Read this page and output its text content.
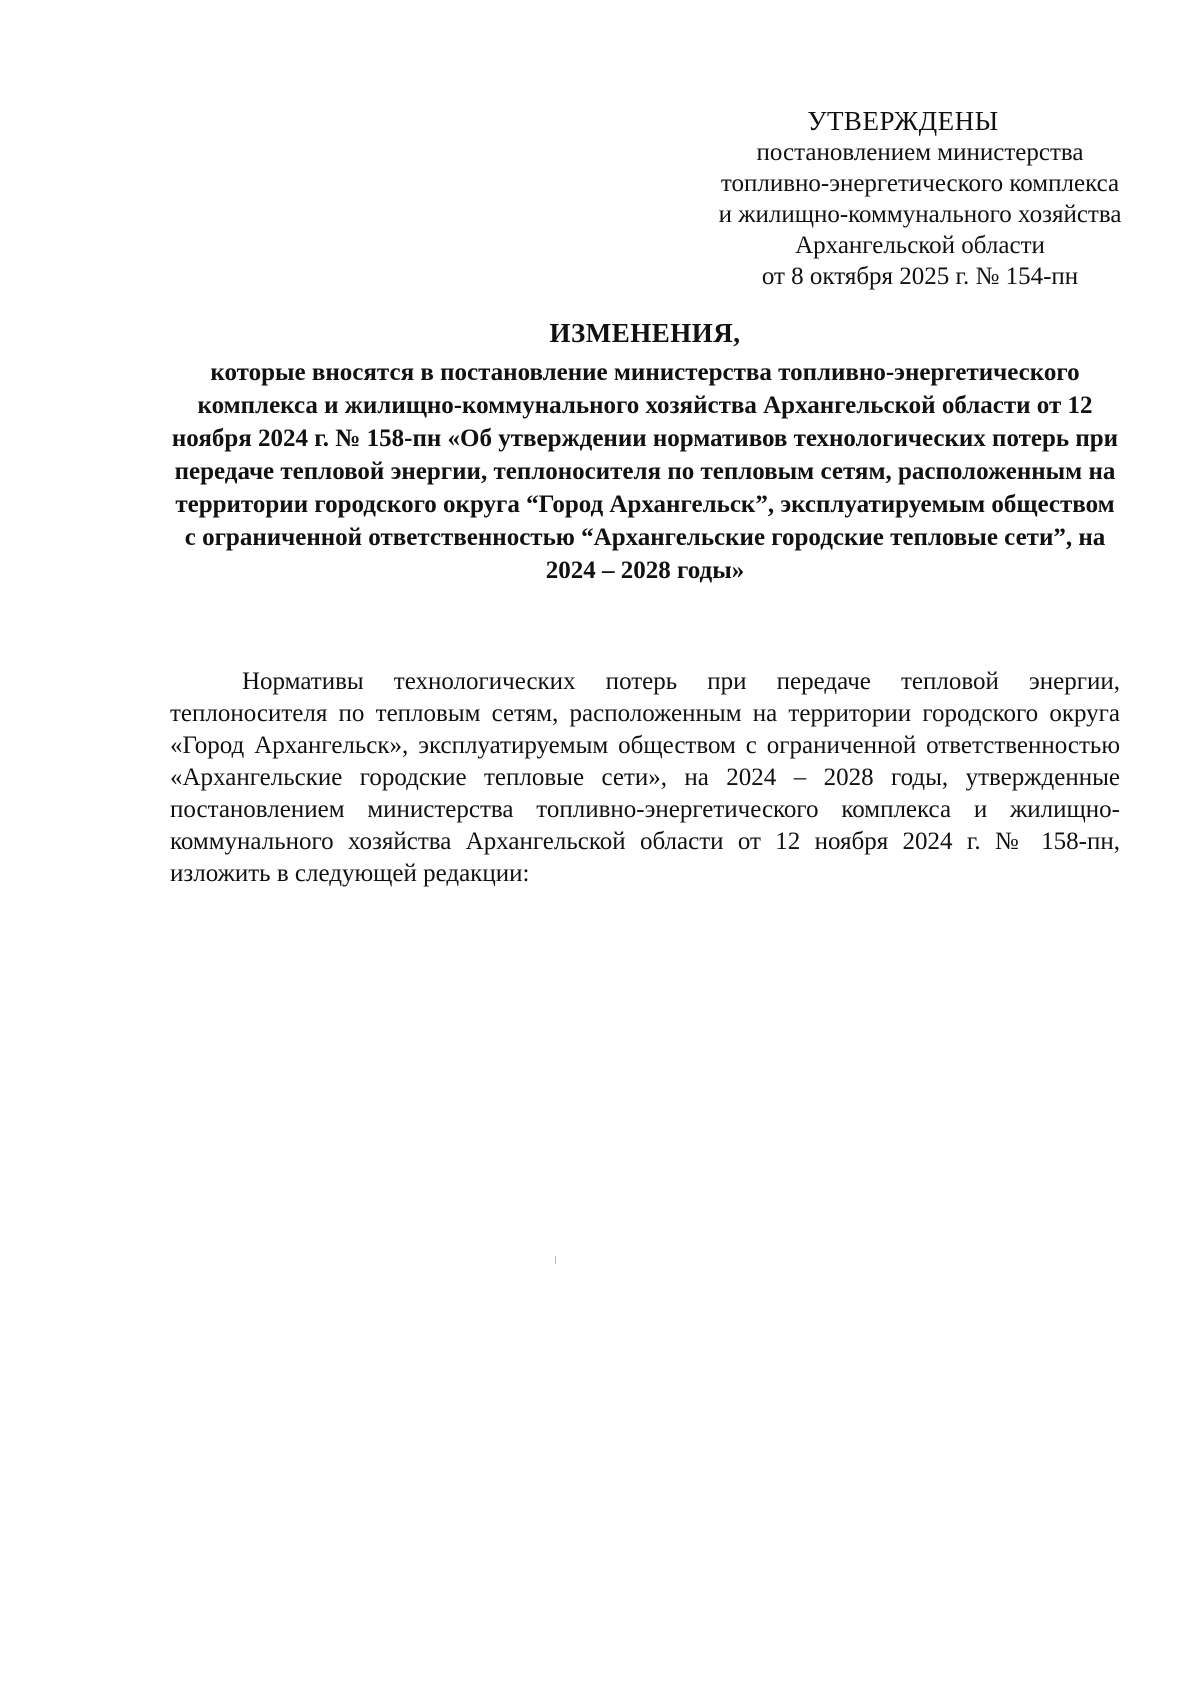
УТВЕРЖДЕНЫ
постановлением министерства
топливно-энергетического комплекса
и жилищно-коммунального хозяйства
Архангельской области
от 8 октября 2025 г. № 154-пн
ИЗМЕНЕНИЯ,
которые вносятся в постановление министерства топливно-энергетического комплекса и жилищно-коммунального хозяйства Архангельской области от 12 ноября 2024 г. № 158-пн «Об утверждении нормативов технологических потерь при передаче тепловой энергии, теплоносителя по тепловым сетям, расположенным на территории городского округа “Город Архангельск”, эксплуатируемым обществом с ограниченной ответственностью “Архангельские городские тепловые сети”, на 2024 – 2028 годы»
Нормативы технологических потерь при передаче тепловой энергии, теплоносителя по тепловым сетям, расположенным на территории городского округа «Город Архангельск», эксплуатируемым обществом с ограниченной ответственностью «Архангельские городские тепловые сети», на 2024 – 2028 годы, утвержденные постановлением министерства топливно-энергетического комплекса и жилищно-коммунального хозяйства Архангельской области от 12 ноября 2024 г. № 158-пн, изложить в следующей редакции:
